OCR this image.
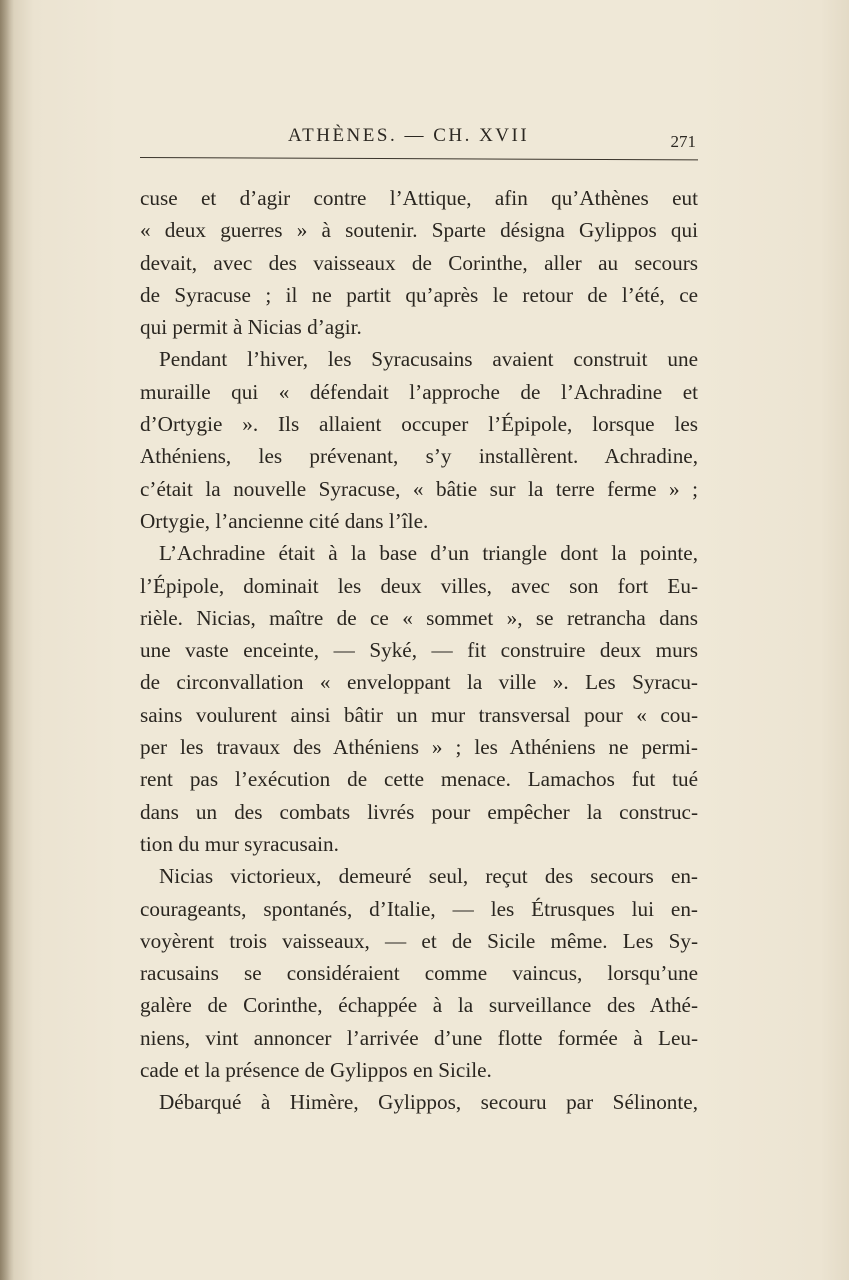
ATHÈNES. — CH. XVII	271
cuse et d’agir contre l’Attique, afin qu’Athènes eut
« deux guerres » à soutenir. Sparte désigna Gylippos qui
devait, avec des vaisseaux de Corinthe, aller au secours
de Syracuse ; il ne partit qu’après le retour de l’été, ce
qui permit à Nicias d’agir.
Pendant l’hiver, les Syracusains avaient construit une
muraille qui « défendait l’approche de l’Achradine et
d’Ortygie ». Ils allaient occuper l’Épipole, lorsque les
Athéniens, les prévenant, s’y installèrent. Achradine,
c’était la nouvelle Syracuse, « bâtie sur la terre ferme » ;
Ortygie, l’ancienne cité dans l’île.
L’Achradine était à la base d’un triangle dont la pointe,
l’Épipole, dominait les deux villes, avec son fort Eu-
rièle. Nicias, maître de ce « sommet », se retrancha dans
une vaste enceinte, — Syké, — fit construire deux murs
de circonvallation « enveloppant la ville ». Les Syracu-
sains voulurent ainsi bâtir un mur transversal pour « cou-
per les travaux des Athéniens » ; les Athéniens ne permi-
rent pas l’exécution de cette menace. Lamachos fut tué
dans un des combats livrés pour empêcher la construc-
tion du mur syracusain.
Nicias victorieux, demeuré seul, reçut des secours en-
courageants, spontanés, d’Italie, — les Étrusques lui en-
voyèrent trois vaisseaux, — et de Sicile même. Les Sy-
racusains se considéraient comme vaincus, lorsqu’une
galère de Corinthe, échappée à la surveillance des Athé-
niens, vint annoncer l’arrivée d’une flotte formée à Leu-
cade et la présence de Gylippos en Sicile.
Débarqué à Himère, Gylippos, secouru par Sélinonte,
